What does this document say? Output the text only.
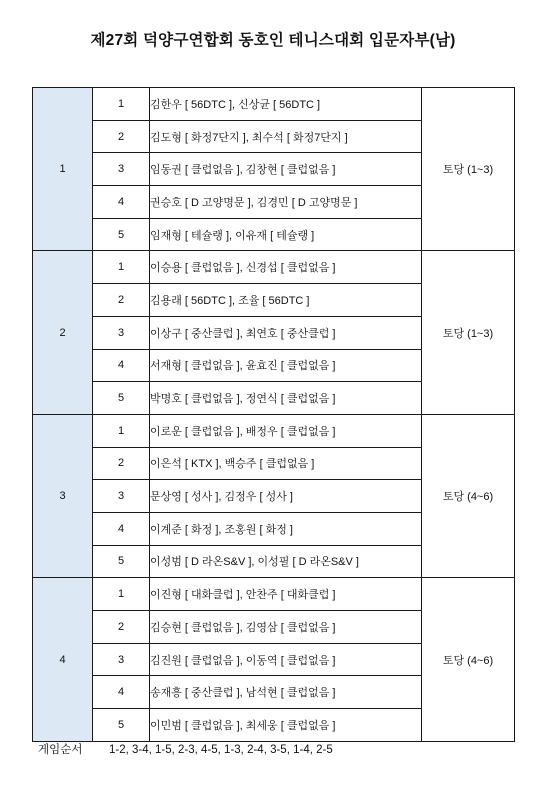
제27회 덕양구연합회 동호인 테니스대회 입문자부(남)
1	1	김한우 [ 56DTC ], 신상균 [ 56DTC ]	토당 (1~3)
	2	김도형 [ 화정7단지 ], 최수석 [ 화정7단지 ]	
	3	임동권 [ 클럽없음 ], 김창현 [ 클럽없음 ]	
	4	권승호 [ D 고양명문 ], 김경민 [ D 고양명문 ]	
	5	임재형 [ 테슐랭 ], 이유재 [ 테슐랭 ]	
2	1	이승용 [ 클럽없음 ], 신경섭 [ 클럽없음 ]	토당 (1~3)
	2	김용래 [ 56DTC ], 조율 [ 56DTC ]	
	3	이상구 [ 중산클럽 ], 최연호 [ 중산클럽 ]	
	4	서재형 [ 클럽없음 ], 윤효진 [ 클럽없음 ]	
	5	박명호 [ 클럽없음 ], 정연식 [ 클럽없음 ]	
3	1	이로운 [ 클럽없음 ], 배정우 [ 클럽없음 ]	토당 (4~6)
	2	이은석 [ KTX ], 백승주 [ 클럽없음 ]	
	3	문상영 [ 성사 ], 김정우 [ 성사 ]	
	4	이계준 [ 화정 ], 조홍원 [ 화정 ]	
	5	이성범 [ D 라온S&V ], 이성필 [ D 라온S&V ]	
4	1	이진형 [ 대화클럽 ], 안찬주 [ 대화클럽 ]	토당 (4~6)
	2	김승현 [ 클럽없음 ], 김영삼 [ 클럽없음 ]	
	3	김진원 [ 클럽없음 ], 이동역 [ 클럽없음 ]	
	4	송재흥 [ 중산클럽 ], 남석현 [ 클럽없음 ]	
	5	이민범 [ 클럽없음 ], 최세웅 [ 클럽없음 ]	
게임순서 1-2, 3-4, 1-5, 2-3, 4-5, 1-3, 2-4, 3-5, 1-4, 2-5
